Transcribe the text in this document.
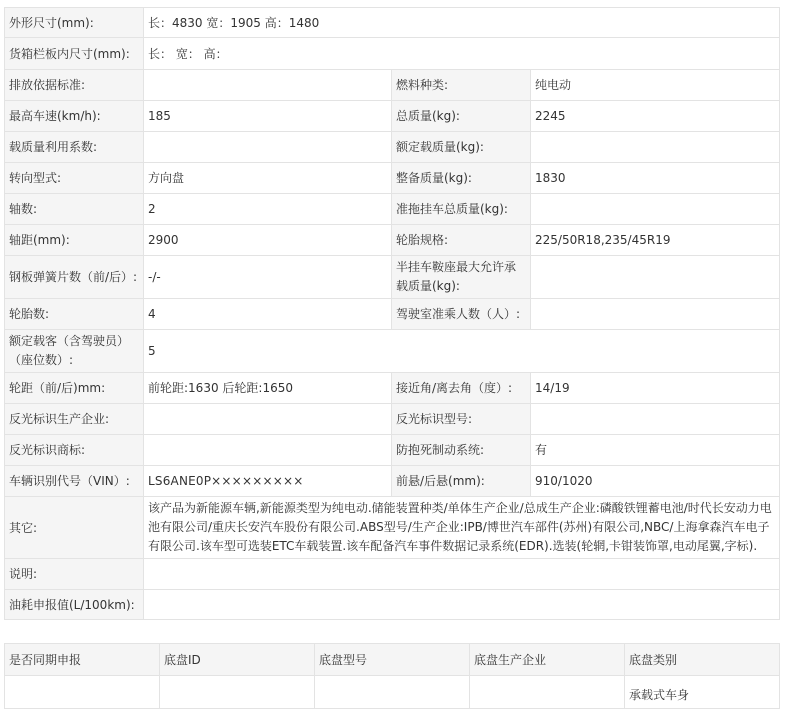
外形尺寸(mm):	长：4830 宽：1905 高：1480		
货箱栏板内尺寸(mm):	长： 宽： 高：		
排放依据标准:		燃料种类:	纯电动
最高车速(km/h):	185	总质量(kg):	2245
载质量利用系数:		额定载质量(kg):	
转向型式:	方向盘	整备质量(kg):	1830
轴数:	2	准拖挂车总质量(kg):	
轴距(mm):	2900	轮胎规格:	225/50R18,235/45R19
钢板弹簧片数（前/后）:	-/-	半挂车鞍座最大允许承载质量(kg):	
轮胎数:	4	驾驶室准乘人数（人）:	
额定载客（含驾驶员）（座位数）:	5		
轮距（前/后)mm:	前轮距:1630 后轮距:1650	接近角/离去角（度）:	14/19
反光标识生产企业:		反光标识型号:	
反光标识商标:		防抱死制动系统:	有
车辆识别代号（VIN）:	LS6ANE0P×××××××××	前悬/后悬(mm):	910/1020
其它:	该产品为新能源车辆,新能源类型为纯电动.储能装置种类/单体生产企业/总成生产企业:磷酸铁锂蓄电池/时代长安动力电池有限公司/重庆长安汽车股份有限公司.ABS型号/生产企业:IPB/博世汽车部件(苏州)有限公司,NBC/上海拿森汽车电子有限公司.该车型可选装ETC车载装置.该车配备汽车事件数据记录系统(EDR).选装(轮辋,卡钳装饰罩,电动尾翼,字标).		
说明:			
油耗申报值(L/100km):			
是否同期申报	底盘ID	底盘型号	底盘生产企业	底盘类别
				承载式车身
